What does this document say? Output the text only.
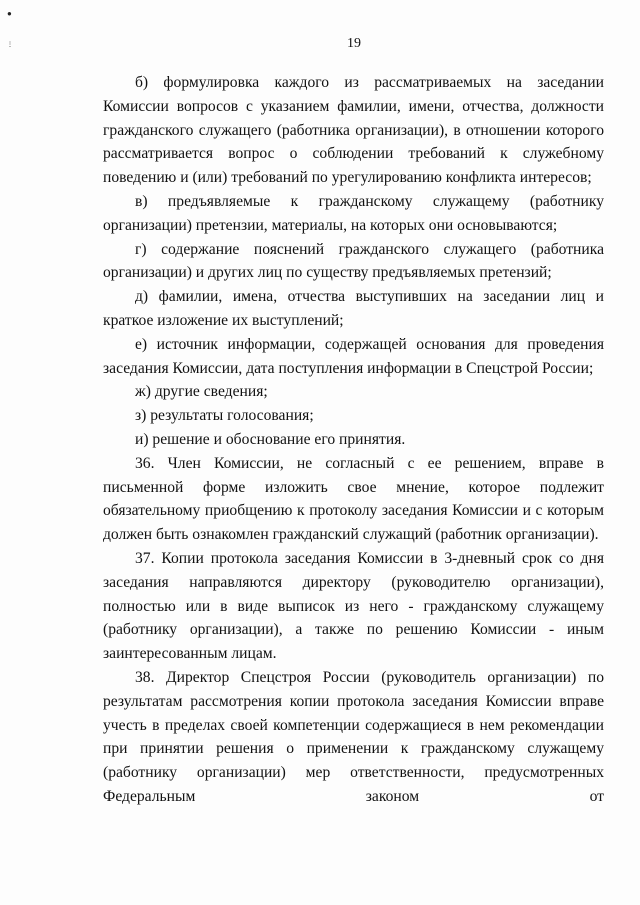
●
⋮	19

б) формулировка каждого из рассматриваемых на заседании Комиссии вопросов с указанием фамилии, имени, отчества, должности гражданского служащего (работника организации), в отношении которого рассматривается вопрос о соблюдении требований к служебному поведению и (или) требований по урегулированию конфликта интересов;

в) предъявляемые к гражданскому служащему (работнику организации) претензии, материалы, на которых они основываются;

г) содержание пояснений гражданского служащего (работника организации) и других лиц по существу предъявляемых претензий;

д) фамилии, имена, отчества выступивших на заседании лиц и краткое изложение их выступлений;

е) источник информации, содержащей основания для проведения заседания Комиссии, дата поступления информации в Спецстрой России;

ж) другие сведения;

з) результаты голосования;

и) решение и обоснование его принятия.

36. Член Комиссии, не согласный с ее решением, вправе в письменной форме изложить свое мнение, которое подлежит обязательному приобщению к протоколу заседания Комиссии и с которым должен быть ознакомлен гражданский служащий (работник организации).

37. Копии протокола заседания Комиссии в 3-дневный срок со дня заседания направляются директору (руководителю организации), полностью или в виде выписок из него - гражданскому служащему (работнику организации), а также по решению Комиссии - иным заинтересованным лицам.

38. Директор Спецстроя России (руководитель организации) по результатам рассмотрения копии протокола заседания Комиссии вправе учесть в пределах своей компетенции содержащиеся в нем рекомендации при принятии решения о применении к гражданскому служащему (работнику организации) мер ответственности, предусмотренных Федеральным законом от
